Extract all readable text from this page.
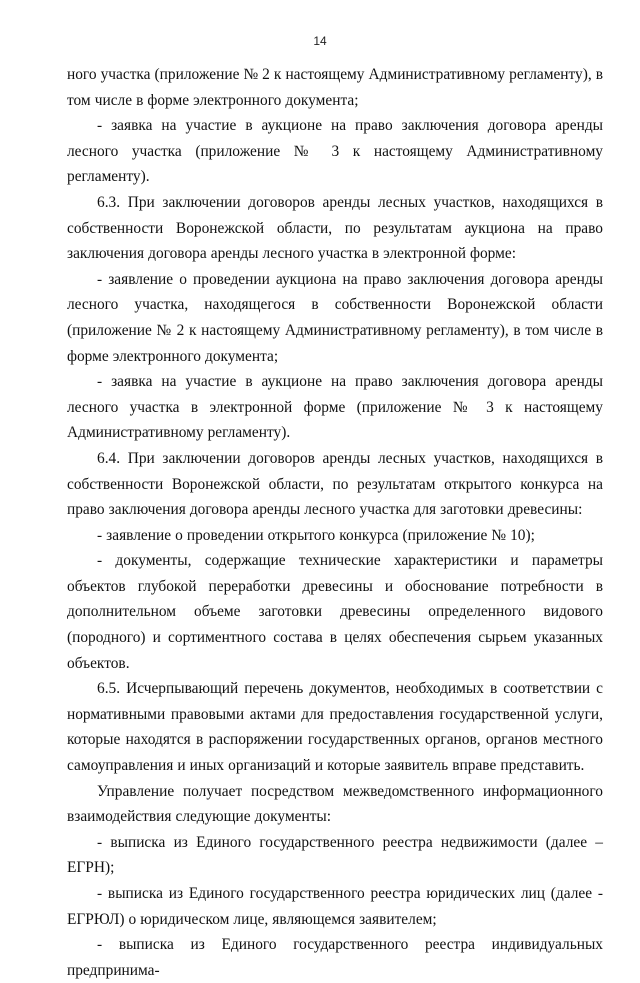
14

ного участка (приложение № 2 к настоящему Административному регламенту), в том числе в форме электронного документа;

- заявка на участие в аукционе на право заключения договора аренды лесного участка (приложение № 3 к настоящему Административному регламенту).

6.3. При заключении договоров аренды лесных участков, находящихся в собственности Воронежской области, по результатам аукциона на право заключения договора аренды лесного участка в электронной форме:

- заявление о проведении аукциона на право заключения договора аренды лесного участка, находящегося в собственности Воронежской области (приложение № 2 к настоящему Административному регламенту), в том числе в форме электронного документа;

- заявка на участие в аукционе на право заключения договора аренды лесного участка в электронной форме (приложение № 3 к настоящему Административному регламенту).

6.4. При заключении договоров аренды лесных участков, находящихся в собственности Воронежской области, по результатам открытого конкурса на право заключения договора аренды лесного участка для заготовки древесины:

- заявление о проведении открытого конкурса (приложение № 10);

- документы, содержащие технические характеристики и параметры объектов глубокой переработки древесины и обоснование потребности в дополнительном объеме заготовки древесины определенного видового (породного) и сортиментного состава в целях обеспечения сырьем указанных объектов.

6.5. Исчерпывающий перечень документов, необходимых в соответствии с нормативными правовыми актами для предоставления государственной услуги, которые находятся в распоряжении государственных органов, органов местного самоуправления и иных организаций и которые заявитель вправе представить.

Управление получает посредством межведомственного информационного взаимодействия следующие документы:

- выписка из Единого государственного реестра недвижимости (далее – ЕГРН);

- выписка из Единого государственного реестра юридических лиц (далее - ЕГРЮЛ) о юридическом лице, являющемся заявителем;

- выписка из Единого государственного реестра индивидуальных предпринима-
